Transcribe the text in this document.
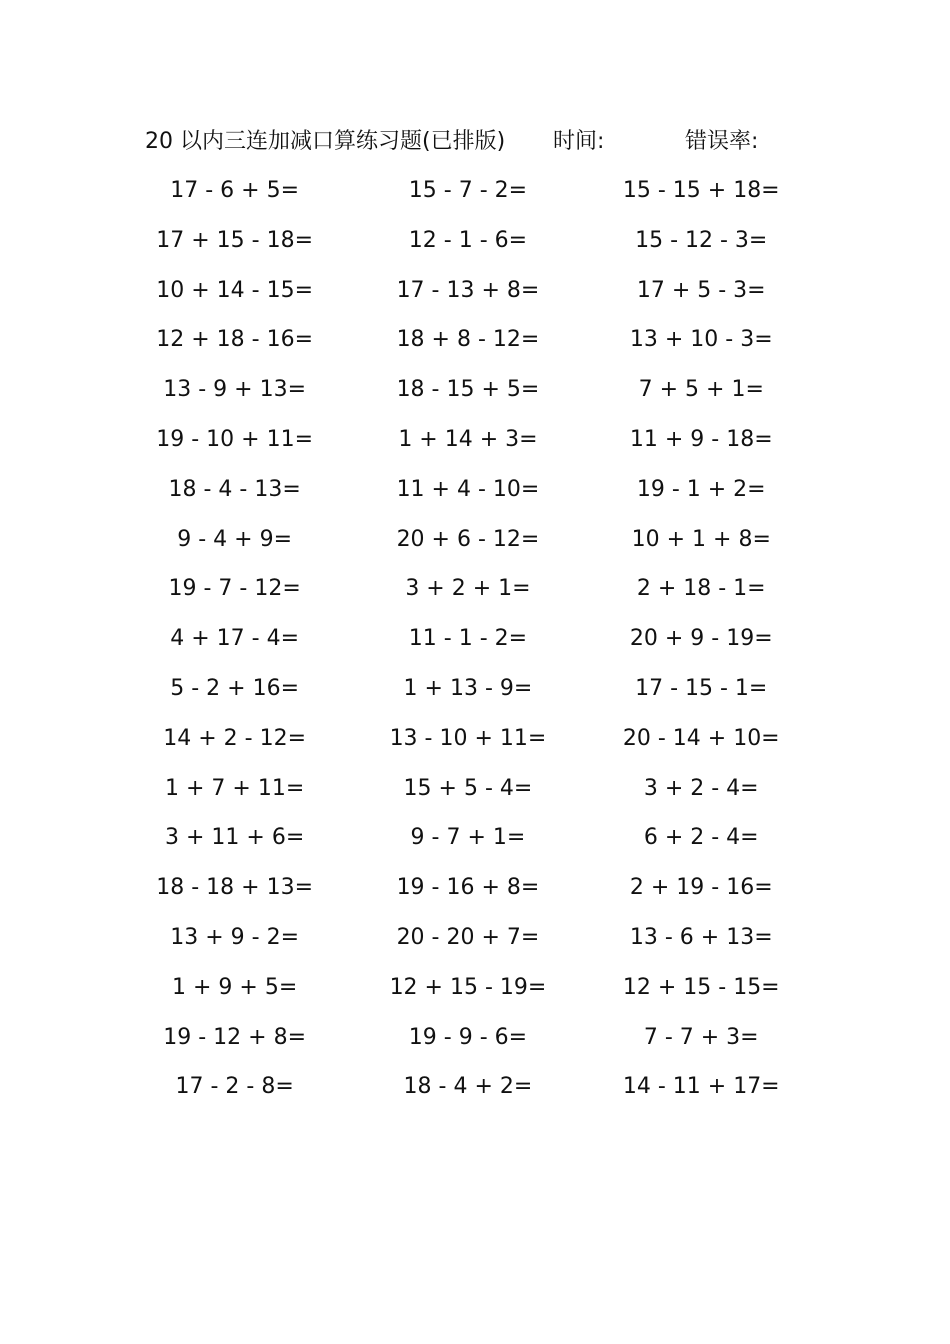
20 以内三连加减口算练习题(已排版) 时间:	错误率:
17 - 6 + 5=	15 - 7 - 2=	15 - 15 + 18=
17 + 15 - 18=	12 - 1 - 6=	15 - 12 - 3=
10 + 14 - 15=	17 - 13 + 8=	17 + 5 - 3=
12 + 18 - 16=	18 + 8 - 12=	13 + 10 - 3=
13 - 9 + 13=	18 - 15 + 5=	7 + 5 + 1=
19 - 10 + 11=	1 + 14 + 3=	11 + 9 - 18=
18 - 4 - 13=	11 + 4 - 10=	19 - 1 + 2=
9 - 4 + 9=	20 + 6 - 12=	10 + 1 + 8=
19 - 7 - 12=	3 + 2 + 1=	2 + 18 - 1=
4 + 17 - 4=	11 - 1 - 2=	20 + 9 - 19=
5 - 2 + 16=	1 + 13 - 9=	17 - 15 - 1=
14 + 2 - 12=	13 - 10 + 11=	20 - 14 + 10=
1 + 7 + 11=	15 + 5 - 4=	3 + 2 - 4=
3 + 11 + 6=	9 - 7 + 1=	6 + 2 - 4=
18 - 18 + 13=	19 - 16 + 8=	2 + 19 - 16=
13 + 9 - 2=	20 - 20 + 7=	13 - 6 + 13=
1 + 9 + 5=	12 + 15 - 19=	12 + 15 - 15=
19 - 12 + 8=	19 - 9 - 6=	7 - 7 + 3=
17 - 2 - 8=	18 - 4 + 2=	14 - 11 + 17=
